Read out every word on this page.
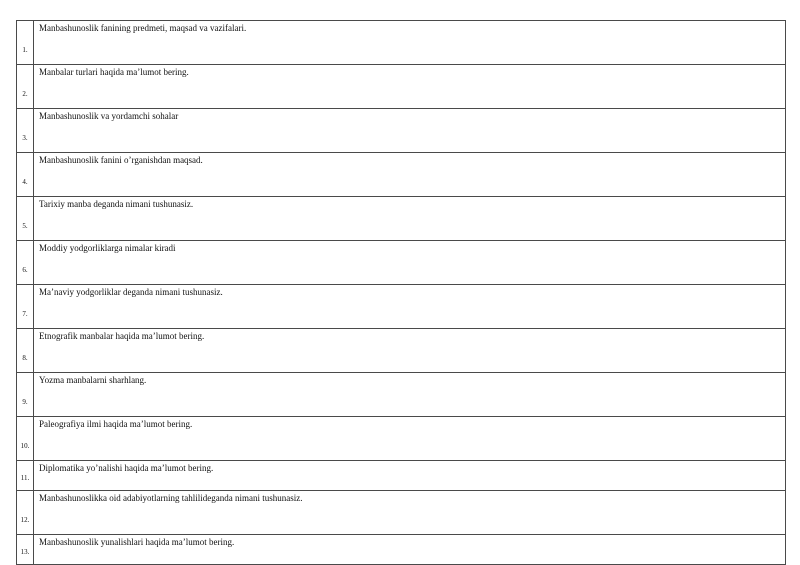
1.	Manbashunoslik fanining predmeti, maqsad va vazifalari.

2.	Manbalar turlari haqida ma’lumot bering.

3.	Manbashunoslik va yordamchi sohalar

4.	Manbashunoslik fanini o’rganishdan maqsad.

5.	Tarixiy manba deganda nimani tushunasiz.

6.	Moddiy yodgorliklarga nimalar kiradi

7.	Ma’naviy yodgorliklar deganda nimani tushunasiz.

8.	Etnografik manbalar haqida ma’lumot bering.

9.	Yozma manbalarni sharhlang.

10.	Paleografiya ilmi haqida ma’lumot bering.

11.	Diplomatika yo’nalishi haqida ma’lumot bering.

12.	Manbashunoslikka oid adabiyotlarning tahlilideganda nimani tushunasiz.

13.	Manbashunoslik yunalishlari haqida ma’lumot bering.
